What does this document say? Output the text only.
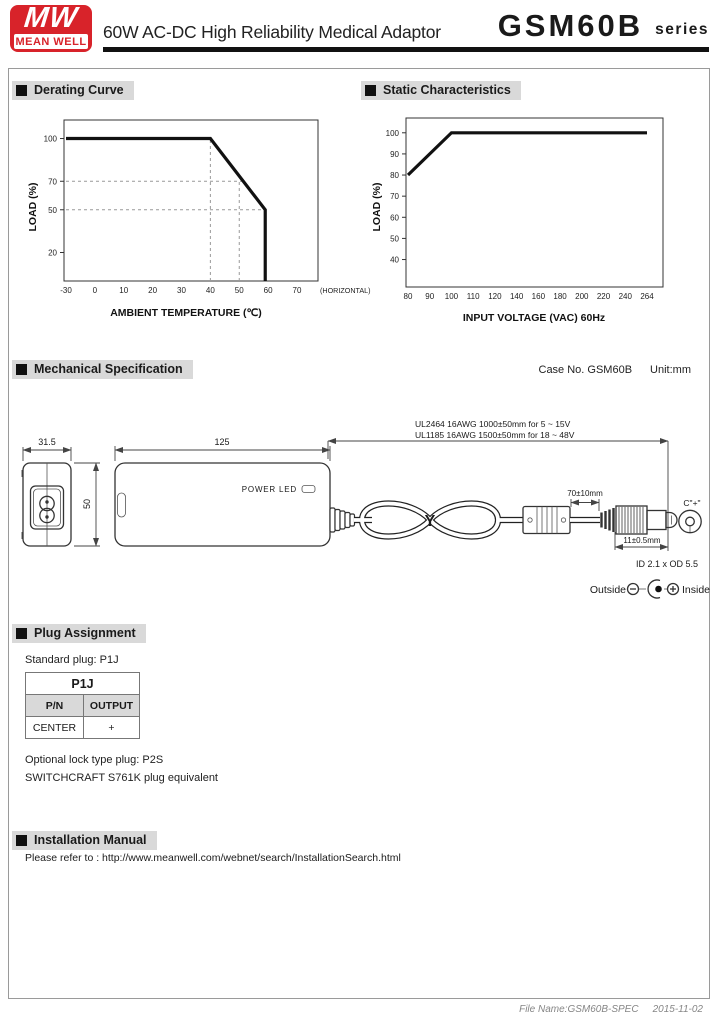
MW
MEAN WELL 60W AC-DC High Reliability Medical Adaptor GSM60B series
Derating Curve	Static Characteristics
Mechanical Specification
Plug Assignment
Installation Manual
Case No. GSM60B Unit:mm
20
50
70
100
-30	0	10 20 30 40 50 60 70	(HORIZONTAL)
AMBIENT TEMPERATURE (℃)
LOAD (%)
40
50
60
70
80
90
100
80 90 100 110 120 140 160 180 200 220 240 264
INPUT VOLTAGE (VAC) 60Hz
LOAD (%)
31.5
50
POWER LED
125
UL2464 16AWG 1000±50mm for 5 ~ 15V
UL1185 16AWG 1500±50mm for 18 ~ 48V
Y
70±10mm
11±0.5mm
C"+"
ID 2.1 x OD 5.5
Outside	Inside
Standard plug: P1J
P1J	
P/N	OUTPUT
CENTER	+
Optional lock type plug: P2S
SWITCHCRAFT S761K plug equivalent
Please refer to : http://www.meanwell.com/webnet/search/InstallationSearch.html
File Name:GSM60B-SPEC 2015-11-02
